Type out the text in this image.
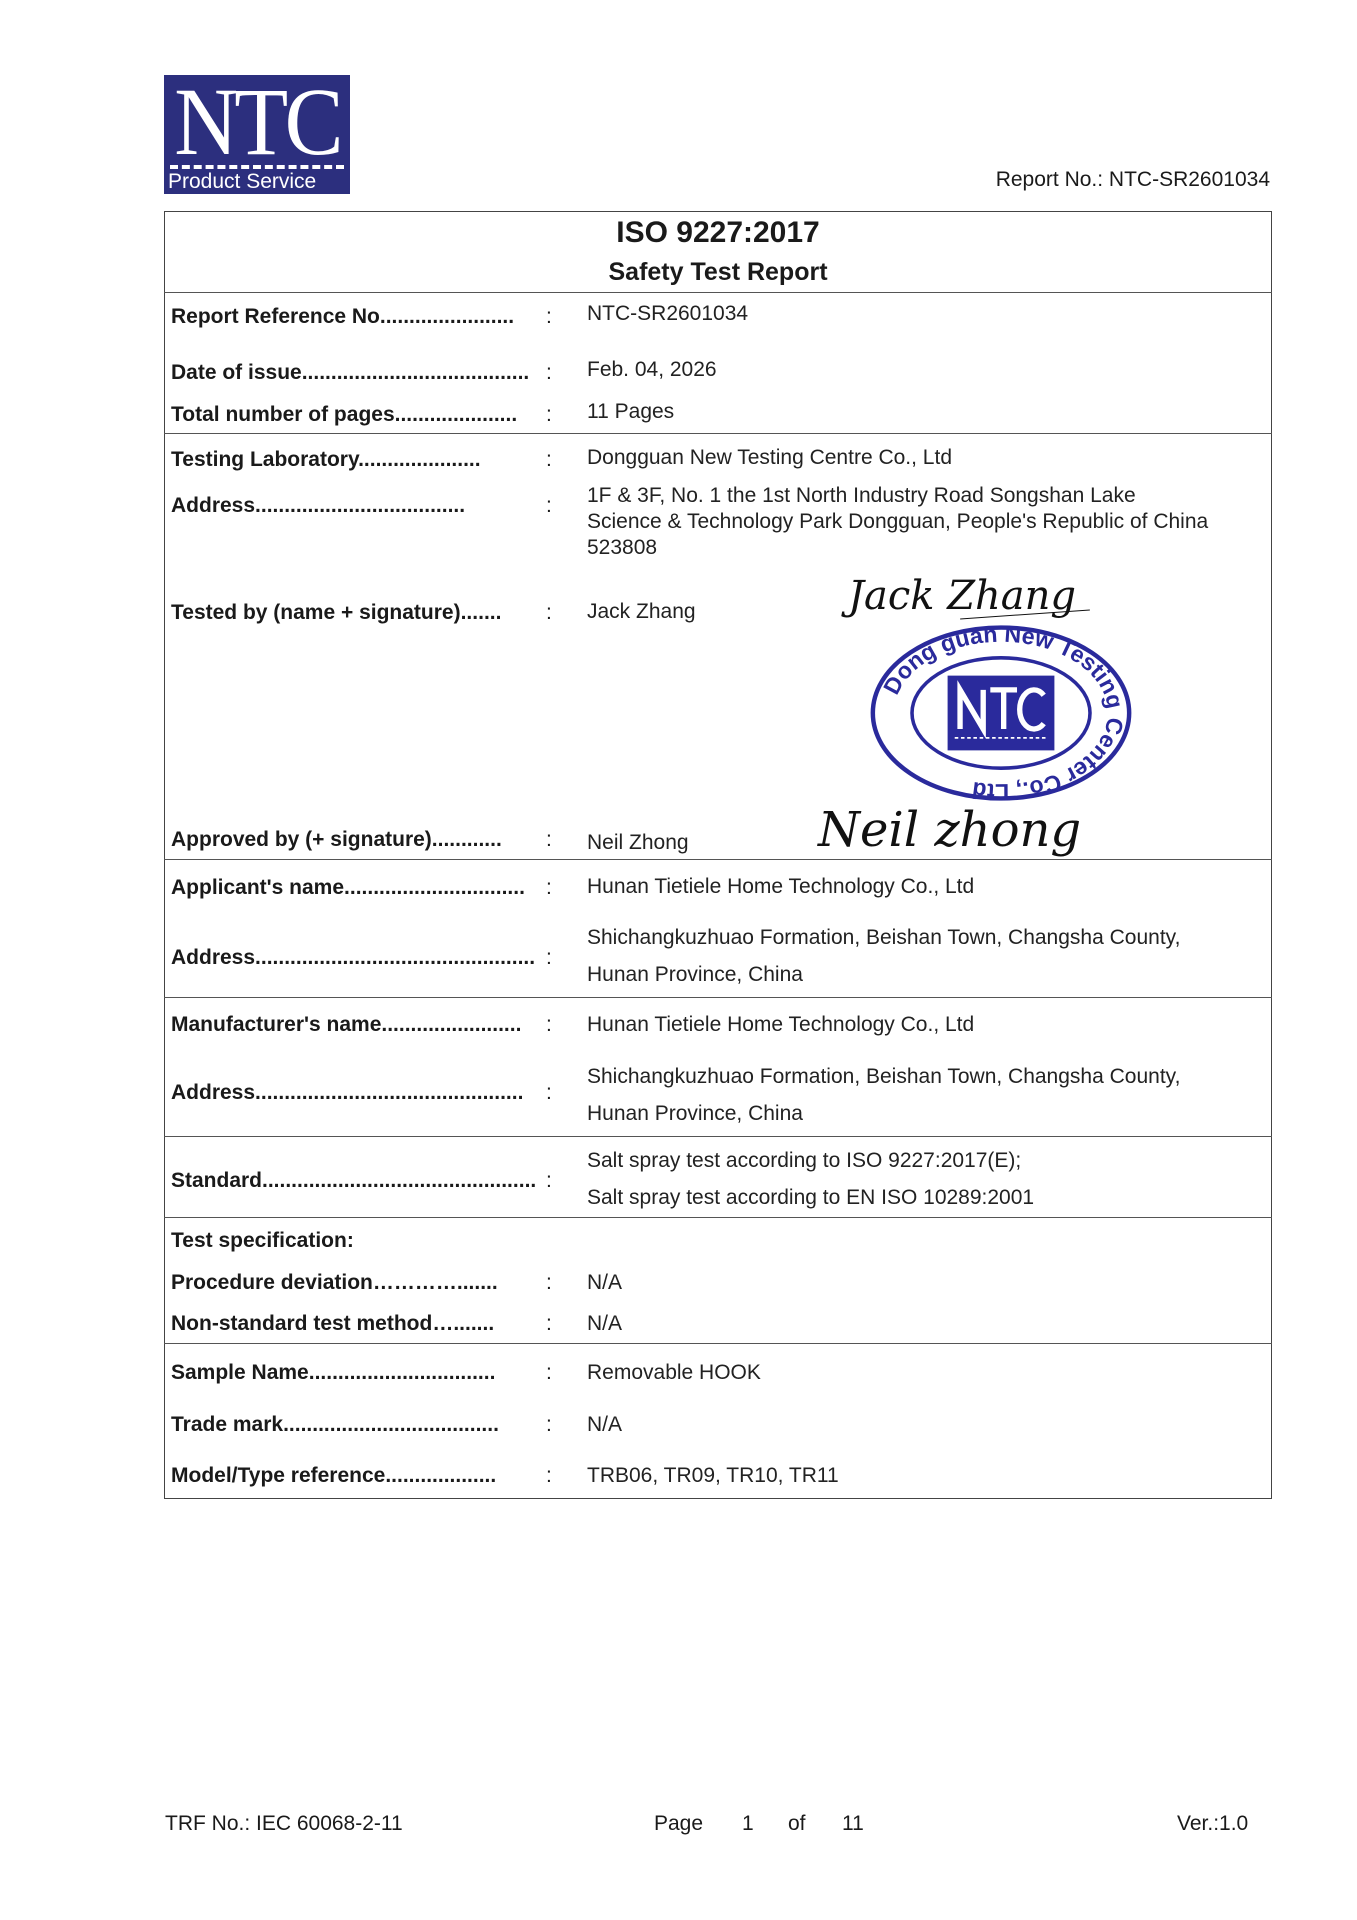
NTC
Product Service	Report No.: NTC-SR2601034
ISO 9227:2017
Safety Test Report
Report Reference No....................... : NTC-SR2601034
Date of issue....................................... : Feb. 04, 2026
Total number of pages..................... : 11 Pages
Testing Laboratory.....................	: Dongguan New Testing Centre Co., Ltd
Address....................................	: 1F & 3F, No. 1 the 1st North Industry Road Songshan Lake
Science & Technology Park Dongguan, People's Republic of China
523808
Tested by (name + signature)....... : Jack Zhang
Dong guan New Testing Center Co., Ltd
Jack Zhang
Approved by (+ signature)............ : Neil Zhong	Neil zhong
Applicant's name............................... : Hunan Tietiele Home Technology Co., Ltd
Address................................................ :
Shichangkuzhuao Formation, Beishan Town, Changsha County,
Hunan Province, China
Manufacturer's name........................ : Hunan Tietiele Home Technology Co., Ltd
Address.............................................. :
Shichangkuzhuao Formation, Beishan Town, Changsha County,
Hunan Province, China
Standard............................................... :
Salt spray test according to ISO 9227:2017(E);
Salt spray test according to EN ISO 10289:2001
Test specification:
Procedure deviation…………....... : N/A
Non-standard test method…....... : N/A
Sample Name................................ : Removable HOOK
Trade mark..................................... : N/A
Model/Type reference................... : TRB06, TR09, TR10, TR11
TRF No.: IEC 60068-2-11	Page 1 of 11	Ver.:1.0
